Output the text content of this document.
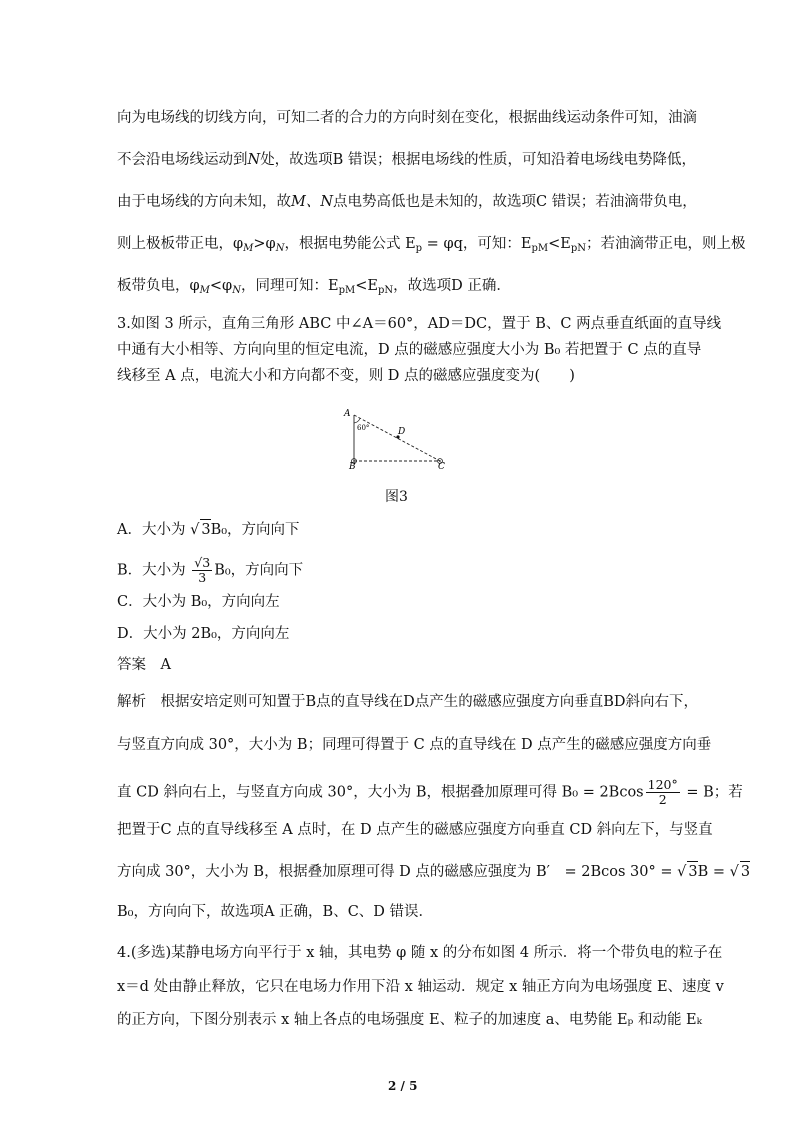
向为电场线的切线方向，可知二者的合力的方向时刻在变化，根据曲线运动条件可知，油滴
不会沿电场线运动到N处，故选项B 错误；根据电场线的性质，可知沿着电场线电势降低，
由于电场线的方向未知，故M、N点电势高低也是未知的，故选项C 错误；若油滴带负电，
则上极板带正电，$\varphi_M>\varphi_N$，根据电势能公式 $E_p = \varphi q$，可知：$E_{pM}<E_{pN}$；若油滴带正电，则上极
板带负电，$\varphi_M<\varphi_N$，同理可知：$E_{pM}<E_{pN}$，故选项D 正确．
3.如图 3 所示，直角三角形 ABC 中∠A＝60°，AD＝DC，置于 B、C 两点垂直纸面的直导线
中通有大小相等、方向向里的恒定电流，D 点的磁感应强度大小为 B₀ 若把置于 C 点的直导
线移至 A 点，电流大小和方向都不变，则 D 点的磁感应强度变为(　　)
A
B	C
D
60°
图3
A．大小为 √ 3B₀，方向向下
B．大小为 $\frac{√3}{3} B_0$，方向向下
C．大小为 B₀，方向向左
D．大小为 2B₀，方向向左
答案　A
解析　根据安培定则可知置于B点的直导线在D点产生的磁感应强度方向垂直BD斜向右下，
与竖直方向成 30°，大小为 B；同理可得置于 C 点的直导线在 D 点产生的磁感应强度方向垂
直 CD 斜向右上，与竖直方向成 30°，大小为 B，根据叠加原理可得 $B_0 = 2Bcos \frac{120^\circ}{2} = B$；若
把置于C 点的直导线移至 A 点时，在 D 点产生的磁感应强度方向垂直 CD 斜向左下，与竖直
方向成 30°，大小为 B，根据叠加原理可得 D 点的磁感应强度为 B′　= 2Bcos 30° = √ 3B = √ 3
B₀，方向向下，故选项A 正确，B、C、D 错误．
4.(多选)某静电场方向平行于 x 轴，其电势 φ 随 x 的分布如图 4 所示．将一个带负电的粒子在
x＝d 处由静止释放，它只在电场力作用下沿 x 轴运动．规定 x 轴正方向为电场强度 E、速度 v
的正方向，下图分别表示 x 轴上各点的电场强度 E、粒子的加速度 a、电势能 Eₚ 和动能 Eₖ
2 / 5
